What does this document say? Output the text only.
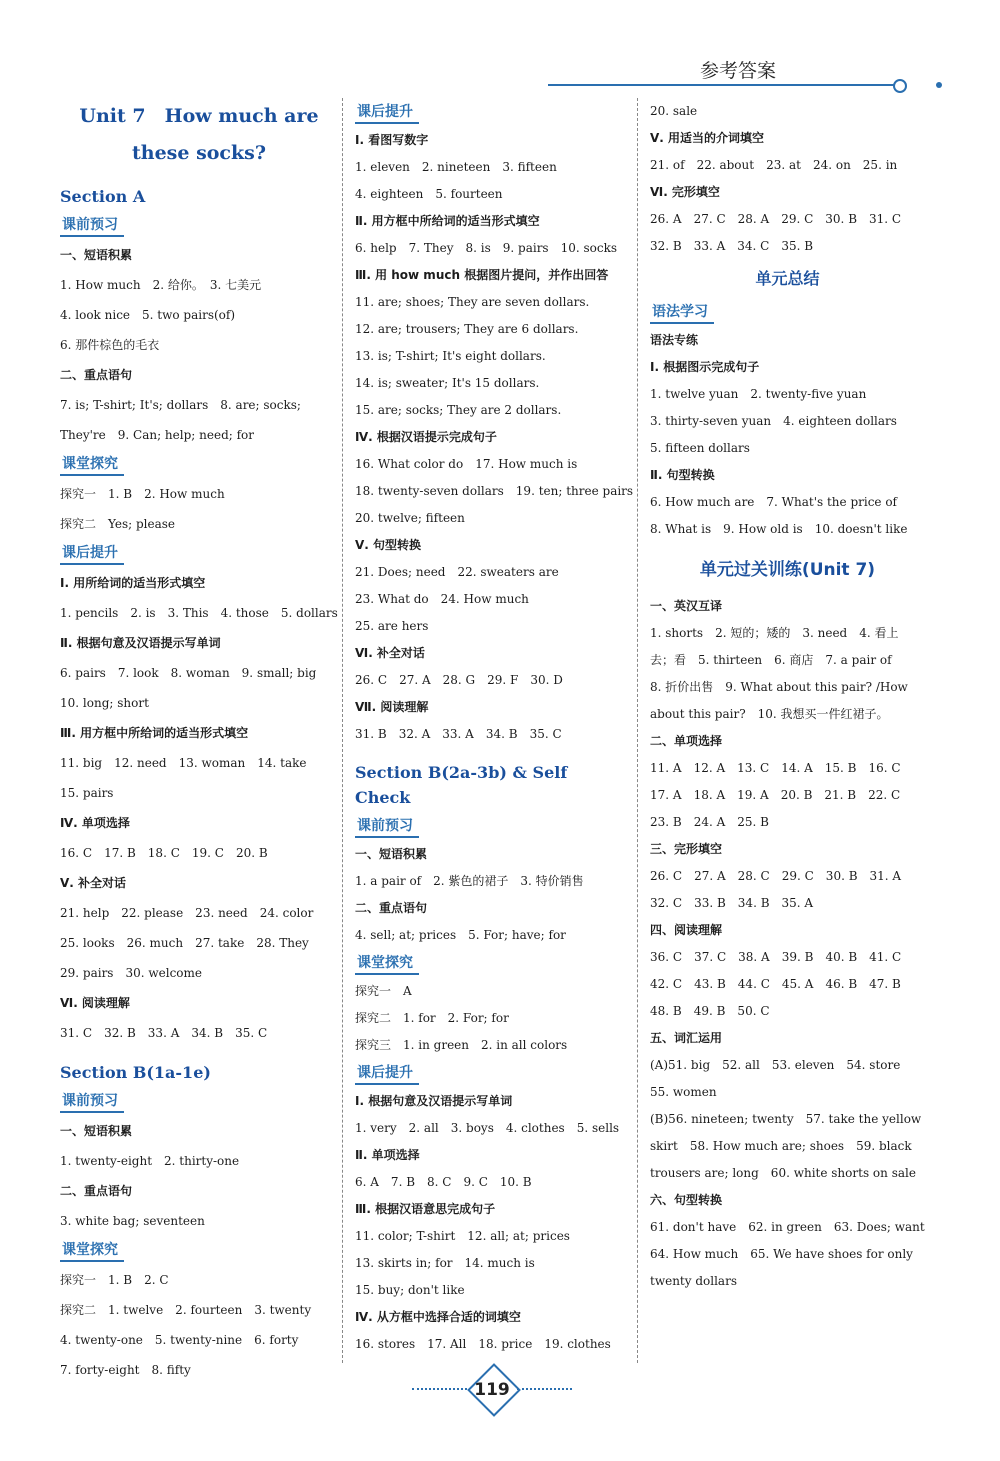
参考答案
Unit 7　How much are
these socks?
Section A
课前预习
一、短语积累
1. How much　2. 给你。　3. 七美元
4. look nice　5. two pairs(of)
6. 那件棕色的毛衣
二、重点语句
7. is; T-shirt; It's; dollars　8. are; socks;
They're　9. Can; help; need; for
课堂探究
探究一　1. B　2. How much
探究二　Yes; please
课后提升
Ⅰ. 用所给词的适当形式填空
1. pencils　2. is　3. This　4. those　5. dollars
Ⅱ. 根据句意及汉语提示写单词
6. pairs　7. look　8. woman　9. small; big
10. long; short
Ⅲ. 用方框中所给词的适当形式填空
11. big　12. need　13. woman　14. take
15. pairs
Ⅳ. 单项选择
16. C　17. B　18. C　19. C　20. B
Ⅴ. 补全对话
21. help　22. please　23. need　24. color
25. looks　26. much　27. take　28. They
29. pairs　30. welcome
Ⅵ. 阅读理解
31. C　32. B　33. A　34. B　35. C
Section B(1a-1e)
课前预习
一、短语积累
1. twenty-eight　2. thirty-one
二、重点语句
3. white bag; seventeen
课堂探究
探究一　1. B　2. C
探究二　1. twelve　2. fourteen　3. twenty
4. twenty-one　5. twenty-nine　6. forty
7. forty-eight　8. fifty
课后提升
Ⅰ. 看图写数字
1. eleven　2. nineteen　3. fifteen
4. eighteen　5. fourteen
Ⅱ. 用方框中所给词的适当形式填空
6. help　7. They　8. is　9. pairs　10. socks
Ⅲ. 用 how much 根据图片提问，并作出回答
11. are; shoes; They are seven dollars.
12. are; trousers; They are 6 dollars.
13. is; T-shirt; It's eight dollars.
14. is; sweater; It's 15 dollars.
15. are; socks; They are 2 dollars.
Ⅳ. 根据汉语提示完成句子
16. What color do　17. How much is
18. twenty-seven dollars　19. ten; three pairs
20. twelve; fifteen
Ⅴ. 句型转换
21. Does; need　22. sweaters are
23. What do　24. How much
25. are hers
Ⅵ. 补全对话
26. C　27. A　28. G　29. F　30. D
Ⅶ. 阅读理解
31. B　32. A　33. A　34. B　35. C
Section B(2a-3b) & Self Check
课前预习
一、短语积累
1. a pair of　2. 紫色的裙子　3. 特价销售
二、重点语句
4. sell; at; prices　5. For; have; for
课堂探究
探究一　A
探究二　1. for　2. For; for
探究三　1. in green　2. in all colors
课后提升
Ⅰ. 根据句意及汉语提示写单词
1. very　2. all　3. boys　4. clothes　5. sells
Ⅱ. 单项选择
6. A　7. B　8. C　9. C　10. B
Ⅲ. 根据汉语意思完成句子
11. color; T-shirt　12. all; at; prices
13. skirts in; for　14. much is
15. buy; don't like
Ⅳ. 从方框中选择合适的词填空
16. stores　17. All　18. price　19. clothes
20. sale
Ⅴ. 用适当的介词填空
21. of　22. about　23. at　24. on　25. in
Ⅵ. 完形填空
26. A　27. C　28. A　29. C　30. B　31. C
32. B　33. A　34. C　35. B
单元总结
语法学习
语法专练
Ⅰ. 根据图示完成句子
1. twelve yuan　2. twenty-five yuan
3. thirty-seven yuan　4. eighteen dollars
5. fifteen dollars
Ⅱ. 句型转换
6. How much are　7. What's the price of
8. What is　9. How old is　10. doesn't like
单元过关训练(Unit 7)
一、英汉互译
1. shorts　2. 短的；矮的　3. need　4. 看上
去；看　5. thirteen　6. 商店　7. a pair of
8. 折价出售　9. What about this pair? /How
about this pair?　10. 我想买一件红裙子。
二、单项选择
11. A　12. A　13. C　14. A　15. B　16. C
17. A　18. A　19. A　20. B　21. B　22. C
23. B　24. A　25. B
三、完形填空
26. C　27. A　28. C　29. C　30. B　31. A
32. C　33. B　34. B　35. A
四、阅读理解
36. C　37. C　38. A　39. B　40. B　41. C
42. C　43. B　44. C　45. A　46. B　47. B
48. B　49. B　50. C
五、词汇运用
(A)51. big　52. all　53. eleven　54. store
55. women
(B)56. nineteen; twenty　57. take the yellow
skirt　58. How much are; shoes　59. black
trousers are; long　60. white shorts on sale
六、句型转换
61. don't have　62. in green　63. Does; want
64. How much　65. We have shoes for only
twenty dollars
119
